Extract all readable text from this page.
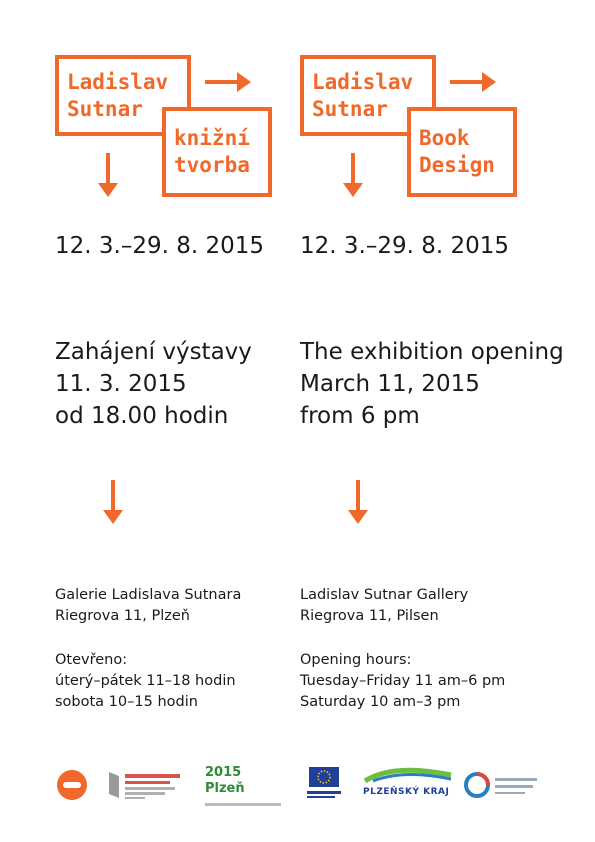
Ladislav
Sutnar
knižní
tvorba
12. 3.–29. 8. 2015
Zahájení výstavy
11. 3. 2015
od 18.00 hodin
Galerie Ladislava Sutnara
Riegrova 11, Plzeň
Otevřeno:
úterý–pátek 11–18 hodin
sobota 10–15 hodin
Ladislav
Sutnar
Book
Design
12. 3.–29. 8. 2015
The exhibition opening
March 11, 2015
from 6 pm
Ladislav Sutnar Gallery
Riegrova 11, Pilsen
Opening hours:
Tuesday–Friday 11 am–6 pm
Saturday 10 am–3 pm
2015 Plzeň	PLZEŇSKÝ KRAJ
